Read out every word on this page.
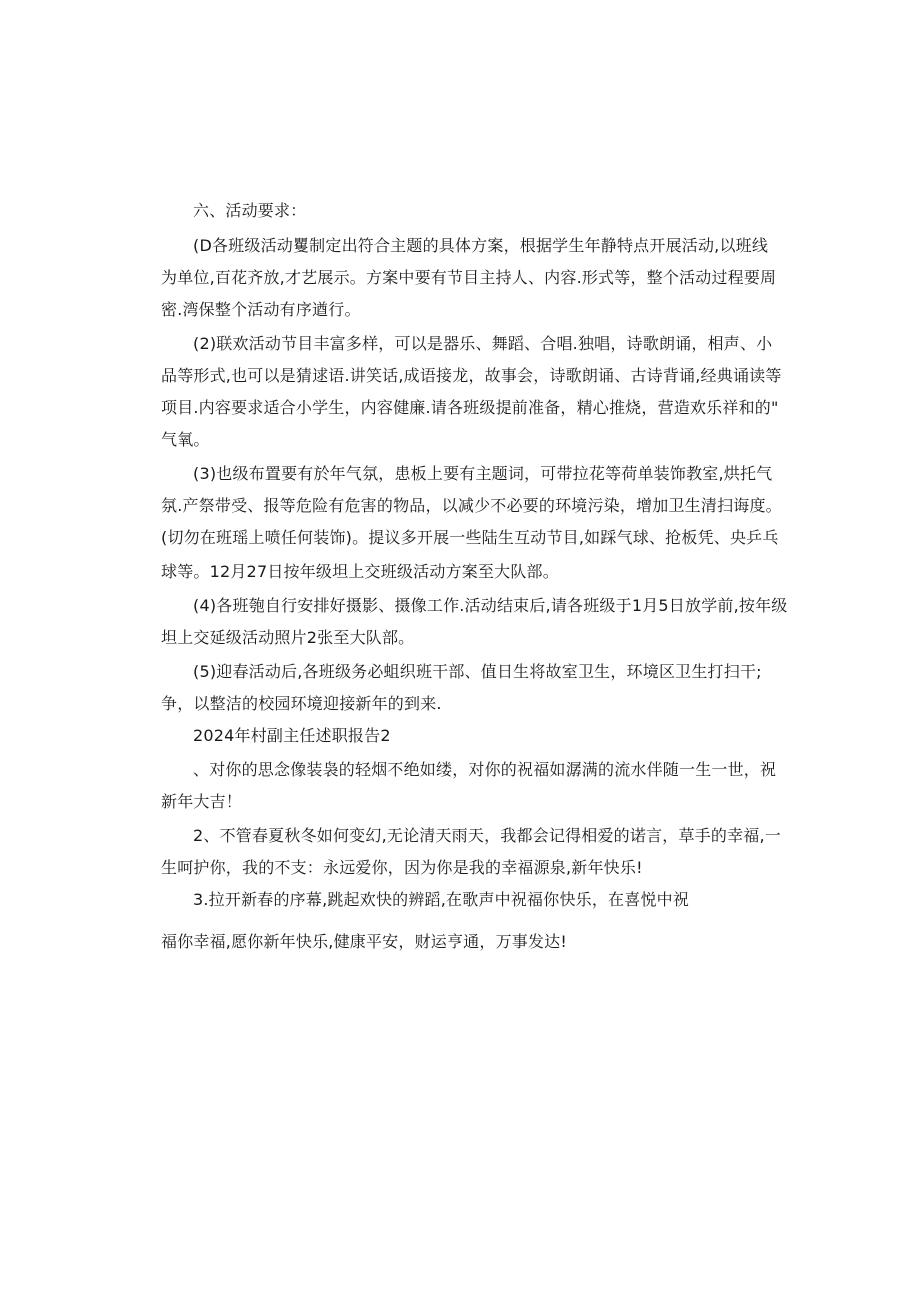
六、活动要求：
(D各班级活动矍制定出符合主题的具体方案，根据学生年静特点开展活动,以班线
为单位,百花齐放,才艺展示。方案中要有节目主持人、内容.形式等，整个活动过程要周
密.湾保整个活动有序遒行。
(2)联欢活动节目丰富多样，可以是器乐、舞蹈、合唱.独唱，诗歌朗诵，相声、小
品等形式,也可以是猜逑语.讲笑话,成语接龙，故事会，诗歌朗诵、古诗背诵,经典诵读等
项目.内容要求适合小学生，内容健廉.请各班级提前准备，精心推烧，营造欢乐祥和的"
气氧。
(3)也级布置要有於年气氛，患板上要有主题词，可带拉花等荷单装饰教室,烘托气
氛.产祭带受、报等危险有危害的物品，以减少不必要的环境污染，增加卫生清扫诲度。
(切勿在班瑶上喷任何装饰)。提议多开展一些陆生互动节目,如踩气球、抢板凭、央乒乓
球等。12月27日按年级坦上交班级活动方案至大队部。
(4)各班匏自行安排好摄影、摄像工作.活动结束后,请各班级于1月5日放学前,按年级
坦上交延级活动照片2张至大队部。
(5)迎春活动后,各班级务必蛆织班干部、值日生将故室卫生，环境区卫生打扫干;
争，以整洁的校园环境迎接新年的到来.
2024年村副主任述职报告2
、对你的思念像装袅的轻烟不绝如缕，对你的祝福如潺满的流水伴随一生一世，祝
新年大吉！
2、不管春夏秋冬如何变幻,无论清天雨天，我都会记得相爱的诺言，草手的幸福,一
生呵护你，我的不支：永远爱你，因为你是我的幸福源泉,新年快乐!
3.拉开新春的序幕,跳起欢快的辨蹈,在歌声中祝福你快乐，在喜悦中祝
福你幸福,愿你新年快乐,健康平安，财运亨通，万事发达!
